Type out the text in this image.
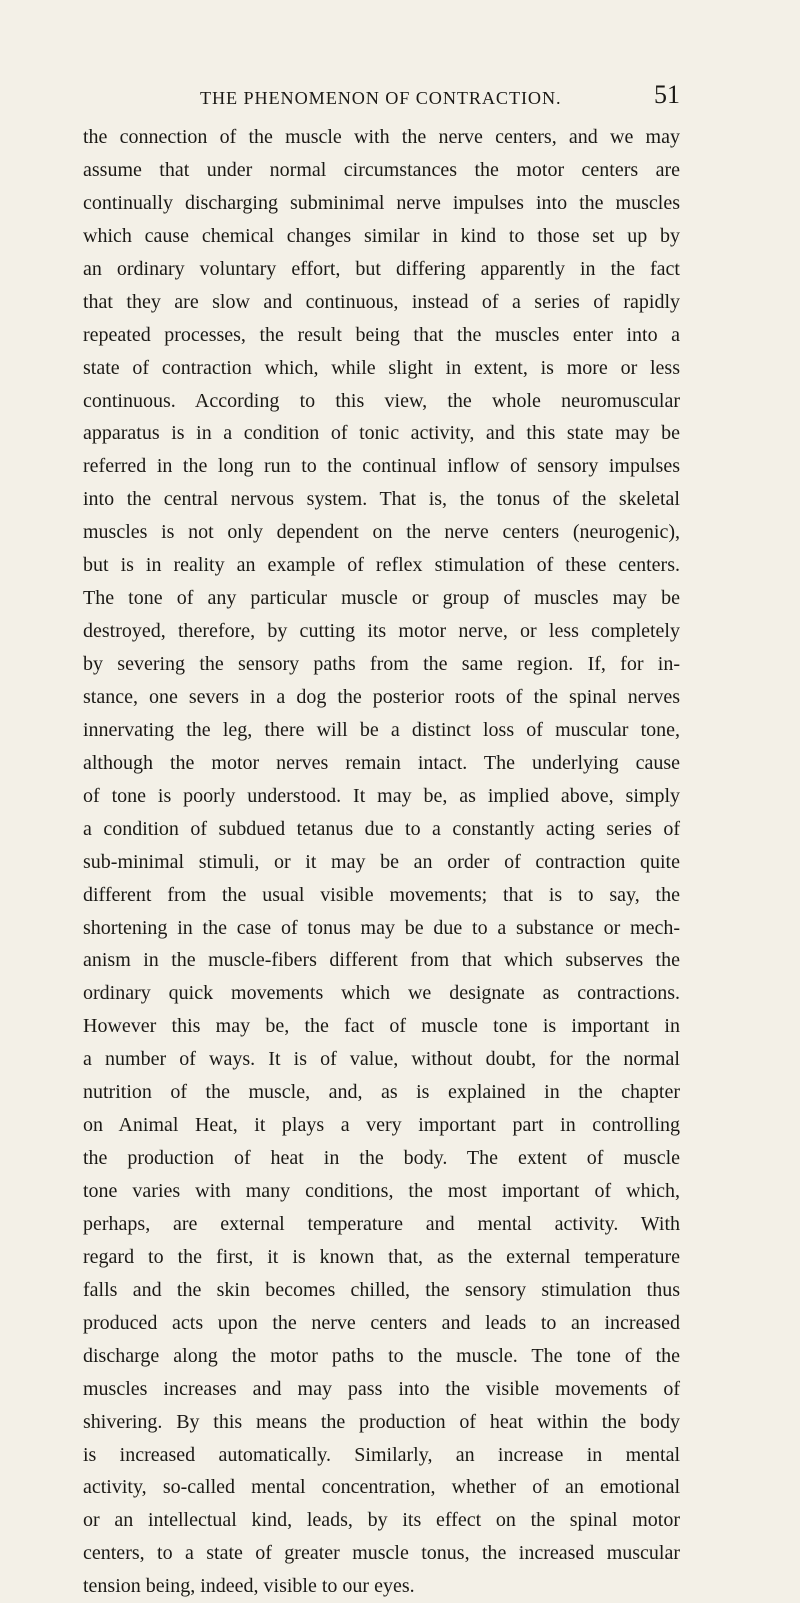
THE PHENOMENON OF CONTRACTION.	51
the connection of the muscle with the nerve centers, and we may
assume that under normal circumstances the motor centers are
continually discharging subminimal nerve impulses into the muscles
which cause chemical changes similar in kind to those set up by
an ordinary voluntary effort, but differing apparently in the fact
that they are slow and continuous, instead of a series of rapidly
repeated processes, the result being that the muscles enter into a
state of contraction which, while slight in extent, is more or less
continuous. According to this view, the whole neuromuscular
apparatus is in a condition of tonic activity, and this state may be
referred in the long run to the continual inflow of sensory impulses
into the central nervous system. That is, the tonus of the skeletal
muscles is not only dependent on the nerve centers (neurogenic),
but is in reality an example of reflex stimulation of these centers.
The tone of any particular muscle or group of muscles may be
destroyed, therefore, by cutting its motor nerve, or less completely
by severing the sensory paths from the same region. If, for in-
stance, one severs in a dog the posterior roots of the spinal nerves
innervating the leg, there will be a distinct loss of muscular tone,
although the motor nerves remain intact. The underlying cause
of tone is poorly understood. It may be, as implied above, simply
a condition of subdued tetanus due to a constantly acting series of
sub-minimal stimuli, or it may be an order of contraction quite
different from the usual visible movements; that is to say, the
shortening in the case of tonus may be due to a substance or mech-
anism in the muscle-fibers different from that which subserves the
ordinary quick movements which we designate as contractions.
However this may be, the fact of muscle tone is important in
a number of ways. It is of value, without doubt, for the normal
nutrition of the muscle, and, as is explained in the chapter
on Animal Heat, it plays a very important part in controlling
the production of heat in the body. The extent of muscle
tone varies with many conditions, the most important of which,
perhaps, are external temperature and mental activity. With
regard to the first, it is known that, as the external temperature
falls and the skin becomes chilled, the sensory stimulation thus
produced acts upon the nerve centers and leads to an increased
discharge along the motor paths to the muscle. The tone of the
muscles increases and may pass into the visible movements of
shivering. By this means the production of heat within the body
is increased automatically. Similarly, an increase in mental
activity, so-called mental concentration, whether of an emotional
or an intellectual kind, leads, by its effect on the spinal motor
centers, to a state of greater muscle tonus, the increased muscular
tension being, indeed, visible to our eyes.
